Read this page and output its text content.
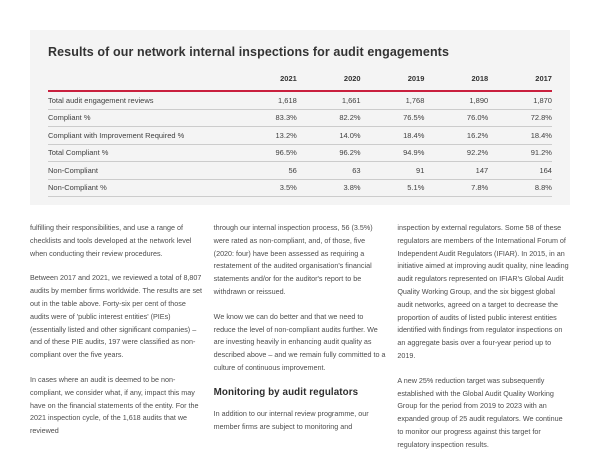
Results of our network internal inspections for audit engagements
2021	2020	2019	2018	2017
Total audit engagement reviews	1,618	1,661	1,768	1,890	1,870
Compliant %	83.3%	82.2%	76.5%	76.0%	72.8%
Compliant with Improvement Required %	13.2%	14.0%	18.4%	16.2%	18.4%
Total Compliant %	96.5%	96.2%	94.9%	92.2%	91.2%
Non-Compliant	56	63	91	147	164
Non-Compliant %	3.5%	3.8%	5.1%	7.8%	8.8%

fulfilling their responsibilities, and use a range of checklists and tools developed at the network level when conducting their review procedures.

Between 2017 and 2021, we reviewed a total of 8,807 audits by member firms worldwide. The results are set out in the table above. Forty-six per cent of those audits were of 'public interest entities' (PIEs) (essentially listed and other significant companies) – and of these PIE audits, 197 were classified as non-compliant over the five years.

In cases where an audit is deemed to be non-compliant, we consider what, if any, impact this may have on the financial statements of the entity. For the 2021 inspection cycle, of the 1,618 audits that we reviewed

through our internal inspection process, 56 (3.5%) were rated as non-compliant, and, of those, five (2020: four) have been assessed as requiring a restatement of the audited organisation's financial statements and/or for the auditor's report to be withdrawn or reissued.

We know we can do better and that we need to reduce the level of non-compliant audits further. We are investing heavily in enhancing audit quality as described above – and we remain fully committed to a culture of continuous improvement.

Monitoring by audit regulators

In addition to our internal review programme, our member firms are subject to monitoring and

inspection by external regulators. Some 58 of these regulators are members of the International Forum of Independent Audit Regulators (IFIAR). In 2015, in an initiative aimed at improving audit quality, nine leading audit regulators represented on IFIAR's Global Audit Quality Working Group, and the six biggest global audit networks, agreed on a target to decrease the proportion of audits of listed public interest entities identified with findings from regulator inspections on an aggregate basis over a four-year period up to 2019.

A new 25% reduction target was subsequently established with the Global Audit Quality Working Group for the period from 2019 to 2023 with an expanded group of 25 audit regulators. We continue to monitor our progress against this target for regulatory inspection results.
